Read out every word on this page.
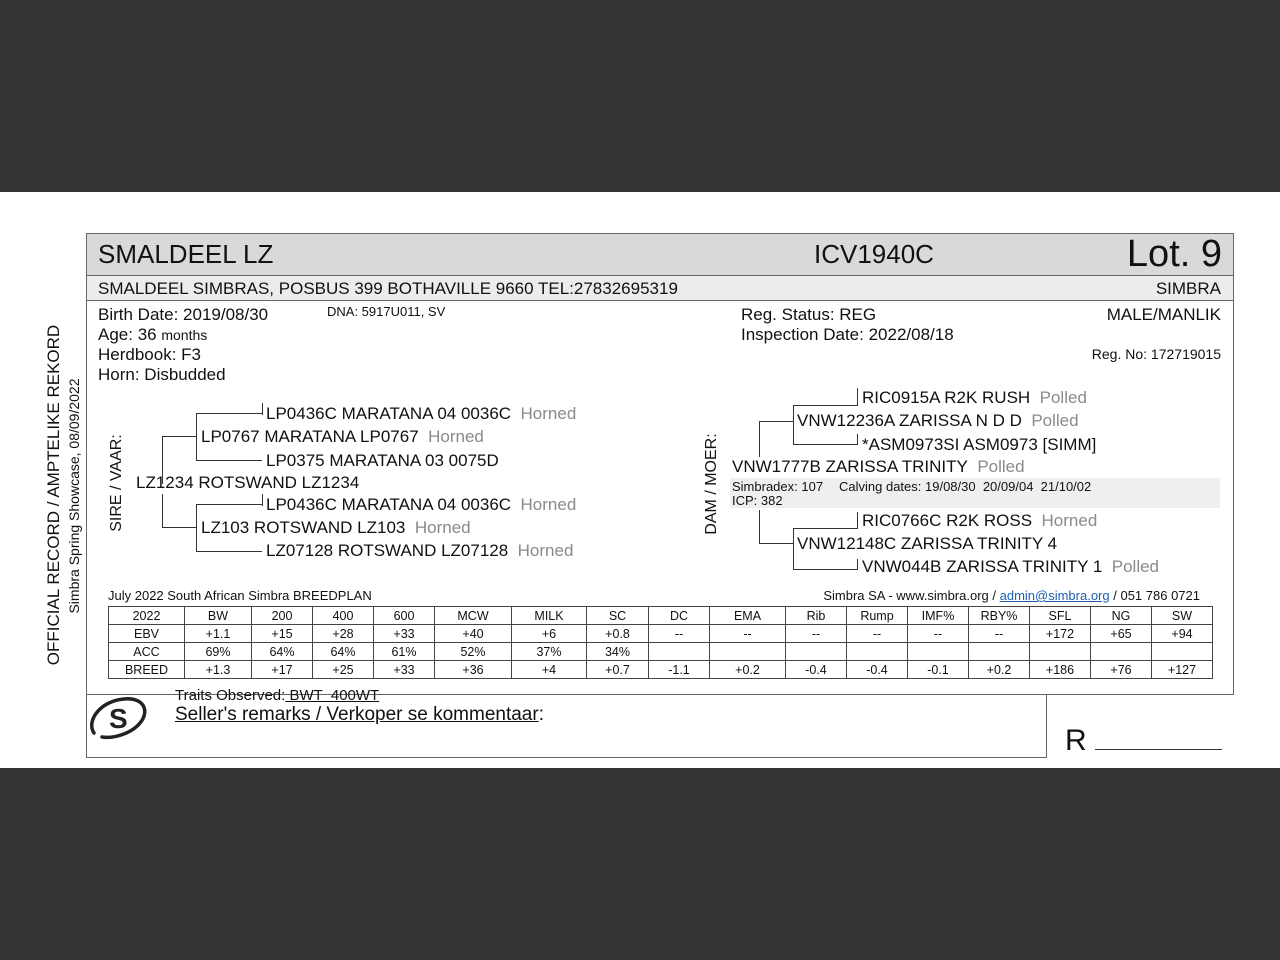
SMALDEEL LZ	ICV1940C	Lot. 9
SMALDEEL SIMBRAS, POSBUS 399 BOTHAVILLE 9660 TEL:27832695319	SIMBRA
Birth Date: 2019/08/30	DNA: 5917U011, SV
Age: 36 months
Herdbook: F3
Horn: Disbudded
Reg. Status: REG
Inspection Date: 2022/08/18
MALE/MANLIK
Reg. No: 172719015
OFFICIAL RECORD / AMPTELIKE REKORD Simbra Spring Showcase, 08/09/2022 SIRE / VAAR:	DAM / MOER:
LP0436C MARATANA 04 0036C Horned
LP0767 MARATANA LP0767 Horned
LP0375 MARATANA 03 0075D
LZ1234 ROTSWAND LZ1234
LP0436C MARATANA 04 0036C Horned
LZ103 ROTSWAND LZ103 Horned
LZ07128 ROTSWAND LZ07128 Horned
RIC0915A R2K RUSH Polled
VNW12236A ZARISSA N D D Polled
*ASM0973SI ASM0973 [SIMM]
VNW1777B ZARISSA TRINITY Polled
Simbradex: 107 Calving dates: 19/08/30  20/09/04  21/10/02
ICP: 382
RIC0766C R2K ROSS Horned
VNW12148C ZARISSA TRINITY 4
VNW044B ZARISSA TRINITY 1 Polled
July 2022 South African Simbra BREEDPLAN	Simbra SA - www.simbra.org / admin@simbra.org / 051 786 0721
2022	BW	200	400	600	MCW	MILK	SC	DC	EMA	Rib	Rump	IMF%	RBY%	SFL	NG	SW
EBV	+1.1	+15	+28	+33	+40	+6	+0.8	--	--	--	--	--	--	+172	+65	+94
ACC	69%	64%	64%	61%	52%	37%	34%									
BREED	+1.3	+17	+25	+33	+36	+4	+0.7	-1.1	+0.2	-0.4	-0.4	-0.1	+0.2	+186	+76	+127
S
Traits Observed: BWT  400WT
Seller's remarks / Verkoper se kommentaar:
R
